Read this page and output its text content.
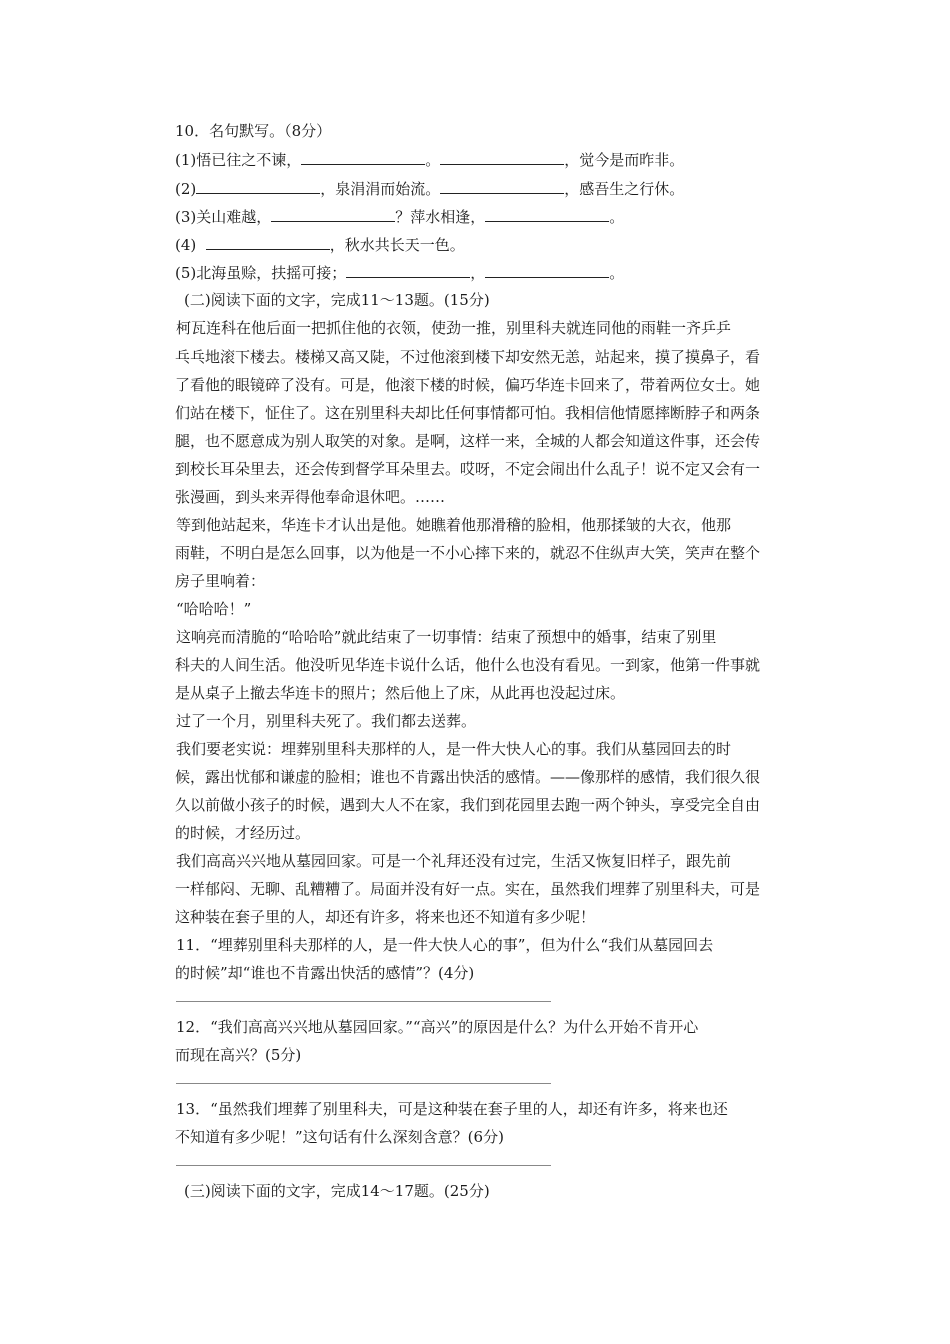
10．名句默写。（8分）

(1)悟已往之不谏，	。	，觉今是而昨非。

(2)	，泉涓涓而始流。	，感吾生之行休。

(3)关山难越，	？萍水相逢，	。

(4)	，秋水共长天一色。

(5)北海虽赊，扶摇可接；	，	。

(二)阅读下面的文字，完成11～13题。(15分)

柯瓦连科在他后面一把抓住他的衣领，使劲一推，别里科夫就连同他的雨鞋一齐乒乒

乓乓地滚下楼去。楼梯又高又陡，不过他滚到楼下却安然无恙，站起来，摸了摸鼻子，看

了看他的眼镜碎了没有。可是，他滚下楼的时候，偏巧华连卡回来了，带着两位女士。她

们站在楼下，怔住了。这在别里科夫却比任何事情都可怕。我相信他情愿摔断脖子和两条

腿，也不愿意成为别人取笑的对象。是啊，这样一来，全城的人都会知道这件事，还会传

到校长耳朵里去，还会传到督学耳朵里去。哎呀，不定会闹出什么乱子！说不定又会有一

张漫画，到头来弄得他奉命退休吧。……

等到他站起来，华连卡才认出是他。她瞧着他那滑稽的脸相，他那揉皱的大衣，他那

雨鞋，不明白是怎么回事，以为他是一不小心摔下来的，就忍不住纵声大笑，笑声在整个

房子里响着：

“哈哈哈！”

这响亮而清脆的“哈哈哈”就此结束了一切事情：结束了预想中的婚事，结束了别里

科夫的人间生活。他没听见华连卡说什么话，他什么也没有看见。一到家，他第一件事就

是从桌子上撤去华连卡的照片；然后他上了床，从此再也没起过床。

过了一个月，别里科夫死了。我们都去送葬。

我们要老实说：埋葬别里科夫那样的人，是一件大快人心的事。我们从墓园回去的时

候，露出忧郁和谦虚的脸相；谁也不肯露出快活的感情。——像那样的感情，我们很久很

久以前做小孩子的时候，遇到大人不在家，我们到花园里去跑一两个钟头，享受完全自由

的时候，才经历过。

我们高高兴兴地从墓园回家。可是一个礼拜还没有过完，生活又恢复旧样子，跟先前

一样郁闷、无聊、乱糟糟了。局面并没有好一点。实在，虽然我们埋葬了别里科夫，可是

这种装在套子里的人，却还有许多，将来也还不知道有多少呢！

11．“埋葬别里科夫那样的人，是一件大快人心的事”，但为什么“我们从墓园回去

的时候”却“谁也不肯露出快活的感情”？(4分)

12．“我们高高兴兴地从墓园回家。”“高兴”的原因是什么？为什么开始不肯开心

而现在高兴？(5分)

13．“虽然我们埋葬了别里科夫，可是这种装在套子里的人，却还有许多，将来也还

不知道有多少呢！”这句话有什么深刻含意？(6分)

(三)阅读下面的文字，完成14～17题。(25分)
